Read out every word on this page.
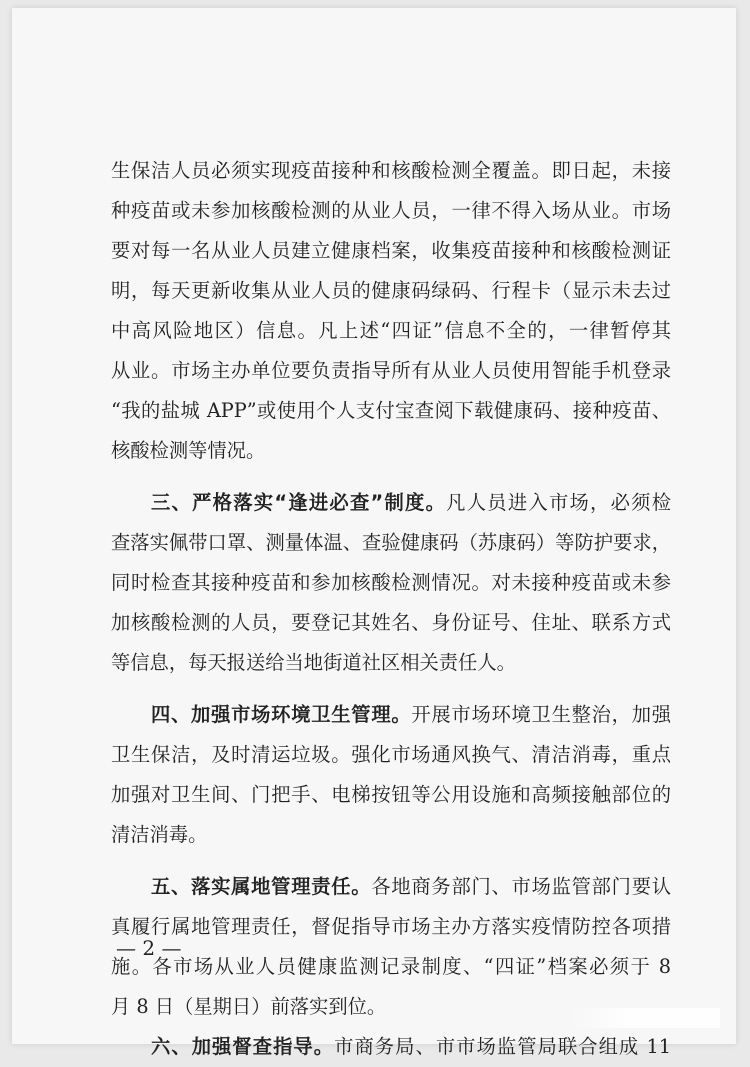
生保洁人员必须实现疫苗接种和核酸检测全覆盖。即日起，未接
种疫苗或未参加核酸检测的从业人员，一律不得入场从业。市场
要对每一名从业人员建立健康档案，收集疫苗接种和核酸检测证
明，每天更新收集从业人员的健康码绿码、行程卡（显示未去过
中高风险地区）信息。凡上述“四证”信息不全的，一律暂停其
从业。市场主办单位要负责指导所有从业人员使用智能手机登录
“我的盐城 APP”或使用个人支付宝查阅下载健康码、接种疫苗、
核酸检测等情况。
三、严格落实“逢进必查”制度。凡人员进入市场，必须检
查落实佩带口罩、测量体温、查验健康码（苏康码）等防护要求，
同时检查其接种疫苗和参加核酸检测情况。对未接种疫苗或未参
加核酸检测的人员，要登记其姓名、身份证号、住址、联系方式
等信息，每天报送给当地街道社区相关责任人。
四、加强市场环境卫生管理。开展市场环境卫生整治，加强
卫生保洁，及时清运垃圾。强化市场通风换气、清洁消毒，重点
加强对卫生间、门把手、电梯按钮等公用设施和高频接触部位的
清洁消毒。
五、落实属地管理责任。各地商务部门、市场监管部门要认
真履行属地管理责任，督促指导市场主办方落实疫情防控各项措
施。各市场从业人员健康监测记录制度、“四证”档案必须于 8
月 8 日（星期日）前落实到位。
六、加强督查指导。市商务局、市市场监管局联合组成 11
— 2 —
